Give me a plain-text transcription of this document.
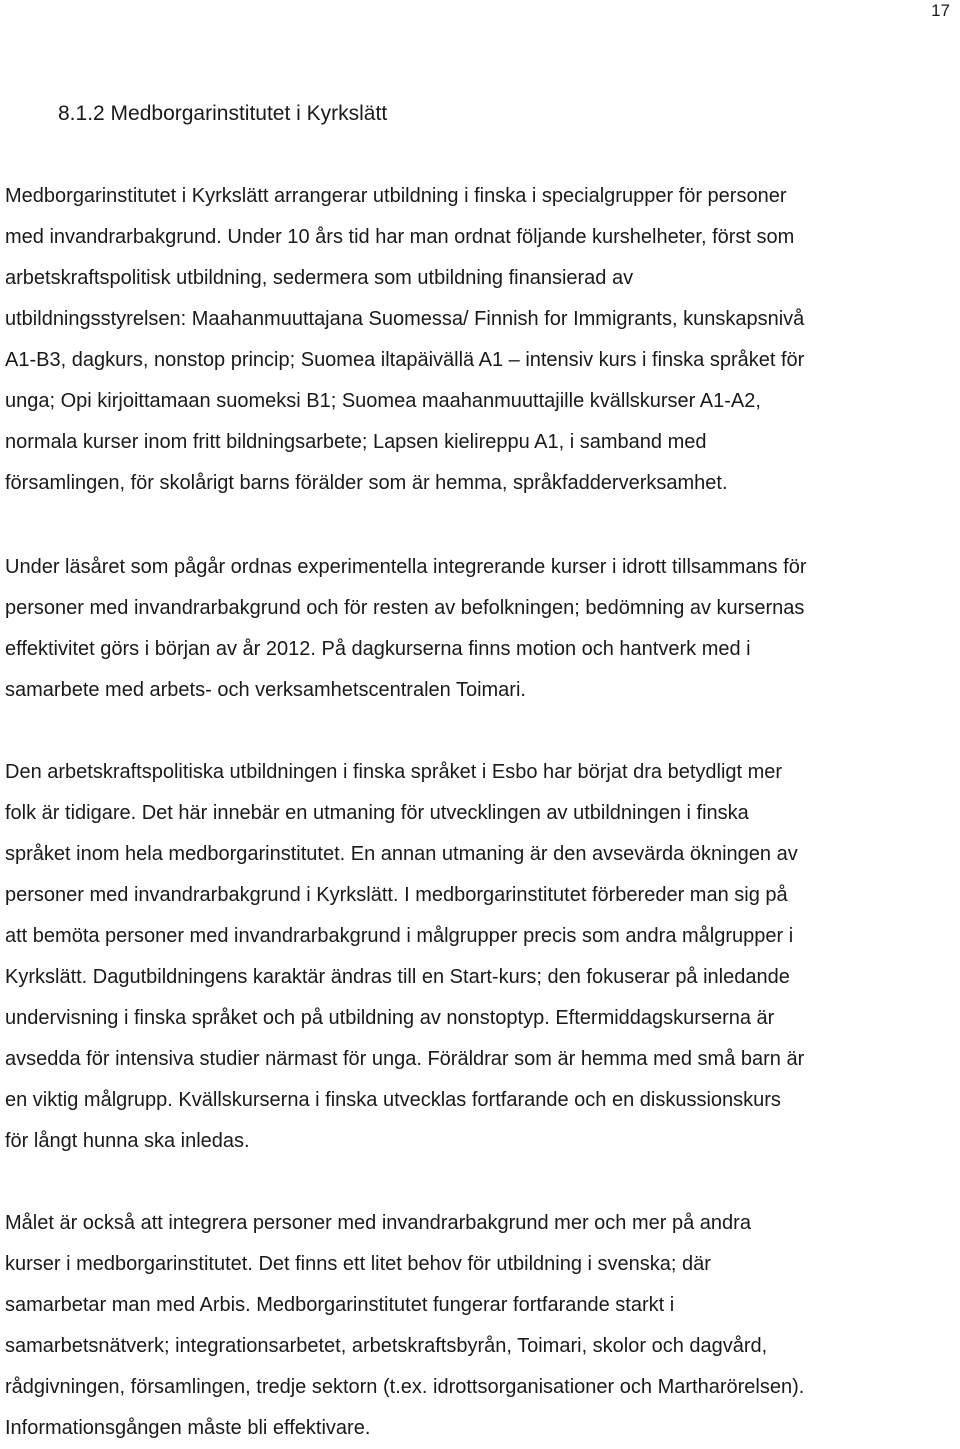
17
8.1.2 Medborgarinstitutet i Kyrkslätt
Medborgarinstitutet i Kyrkslätt arrangerar utbildning i finska i specialgrupper för personer
med invandrarbakgrund. Under 10 års tid har man ordnat följande kurshelheter, först som
arbetskraftspolitisk utbildning, sedermera som utbildning finansierad av
utbildningsstyrelsen: Maahanmuuttajana Suomessa/ Finnish for Immigrants, kunskapsnivå
A1-B3, dagkurs, nonstop princip; Suomea iltapäivällä A1 – intensiv kurs i finska språket för
unga; Opi kirjoittamaan suomeksi B1; Suomea maahanmuuttajille kvällskurser A1-A2,
normala kurser inom fritt bildningsarbete; Lapsen kielireppu A1, i samband med
församlingen, för skolårigt barns förälder som är hemma, språkfadderverksamhet.
Under läsåret som pågår ordnas experimentella integrerande kurser i idrott tillsammans för
personer med invandrarbakgrund och för resten av befolkningen; bedömning av kursernas
effektivitet görs i början av år 2012. På dagkurserna finns motion och hantverk med i
samarbete med arbets- och verksamhetscentralen Toimari.
Den arbetskraftspolitiska utbildningen i finska språket i Esbo har börjat dra betydligt mer
folk är tidigare. Det här innebär en utmaning för utvecklingen av utbildningen i finska
språket inom hela medborgarinstitutet. En annan utmaning är den avsevärda ökningen av
personer med invandrarbakgrund i Kyrkslätt. I medborgarinstitutet förbereder man sig på
att bemöta personer med invandrarbakgrund i målgrupper precis som andra målgrupper i
Kyrkslätt. Dagutbildningens karaktär ändras till en Start-kurs; den fokuserar på inledande
undervisning i finska språket och på utbildning av nonstoptyp. Eftermiddagskurserna är
avsedda för intensiva studier närmast för unga. Föräldrar som är hemma med små barn är
en viktig målgrupp. Kvällskurserna i finska utvecklas fortfarande och en diskussionskurs
för långt hunna ska inledas.
Målet är också att integrera personer med invandrarbakgrund mer och mer på andra
kurser i medborgarinstitutet. Det finns ett litet behov för utbildning i svenska; där
samarbetar man med Arbis. Medborgarinstitutet fungerar fortfarande starkt i
samarbetsnätverk; integrationsarbetet, arbetskraftsbyrån, Toimari, skolor och dagvård,
rådgivningen, församlingen, tredje sektorn (t.ex. idrottsorganisationer och Martharörelsen).
Informationsgången måste bli effektivare.
